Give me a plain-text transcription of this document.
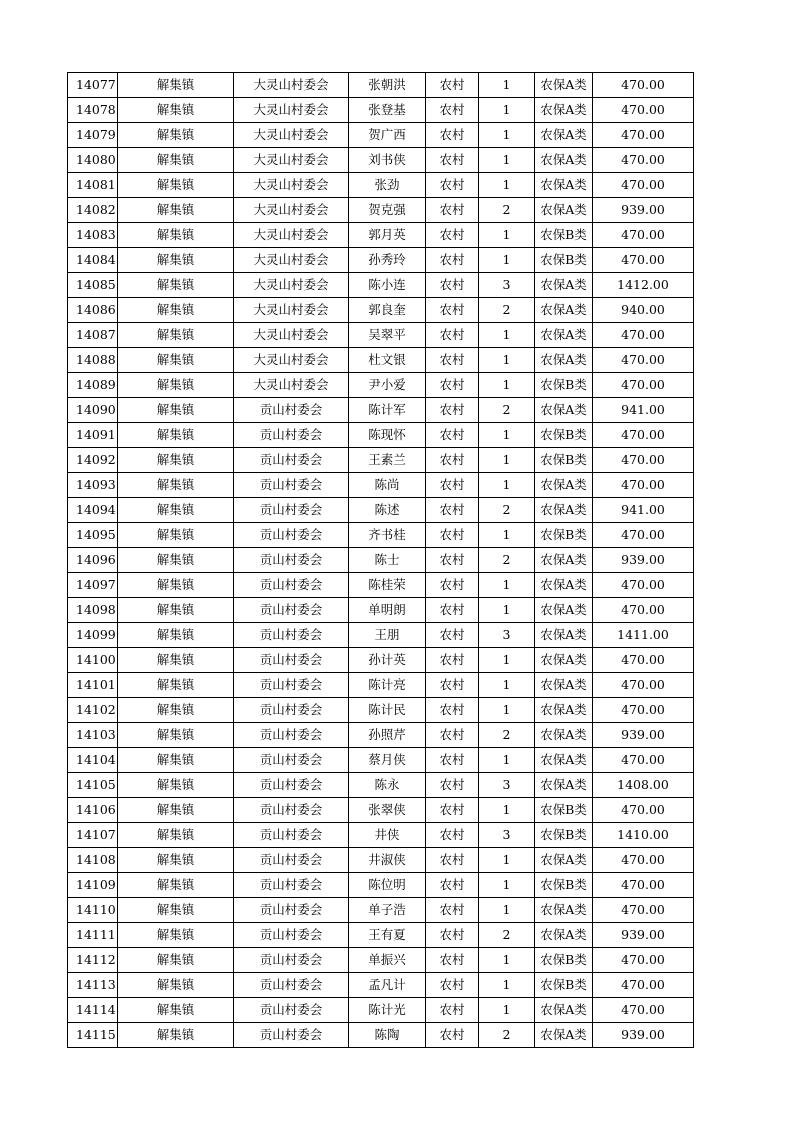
14077	解集镇	大灵山村委会	张朝洪	农村	1	农保A类	470.00
14078	解集镇	大灵山村委会	张登基	农村	1	农保A类	470.00
14079	解集镇	大灵山村委会	贺广西	农村	1	农保A类	470.00
14080	解集镇	大灵山村委会	刘书侠	农村	1	农保A类	470.00
14081	解集镇	大灵山村委会	张劲	农村	1	农保A类	470.00
14082	解集镇	大灵山村委会	贺克强	农村	2	农保A类	939.00
14083	解集镇	大灵山村委会	郭月英	农村	1	农保B类	470.00
14084	解集镇	大灵山村委会	孙秀玲	农村	1	农保B类	470.00
14085	解集镇	大灵山村委会	陈小连	农村	3	农保A类	1412.00
14086	解集镇	大灵山村委会	郭良奎	农村	2	农保A类	940.00
14087	解集镇	大灵山村委会	吴翠平	农村	1	农保A类	470.00
14088	解集镇	大灵山村委会	杜文银	农村	1	农保A类	470.00
14089	解集镇	大灵山村委会	尹小爱	农村	1	农保B类	470.00
14090	解集镇	贡山村委会	陈计军	农村	2	农保A类	941.00
14091	解集镇	贡山村委会	陈现怀	农村	1	农保B类	470.00
14092	解集镇	贡山村委会	王素兰	农村	1	农保B类	470.00
14093	解集镇	贡山村委会	陈尚	农村	1	农保A类	470.00
14094	解集镇	贡山村委会	陈述	农村	2	农保A类	941.00
14095	解集镇	贡山村委会	齐书桂	农村	1	农保B类	470.00
14096	解集镇	贡山村委会	陈士	农村	2	农保A类	939.00
14097	解集镇	贡山村委会	陈桂荣	农村	1	农保A类	470.00
14098	解集镇	贡山村委会	单明朗	农村	1	农保A类	470.00
14099	解集镇	贡山村委会	王朋	农村	3	农保A类	1411.00
14100	解集镇	贡山村委会	孙计英	农村	1	农保A类	470.00
14101	解集镇	贡山村委会	陈计亮	农村	1	农保A类	470.00
14102	解集镇	贡山村委会	陈计民	农村	1	农保A类	470.00
14103	解集镇	贡山村委会	孙照芹	农村	2	农保A类	939.00
14104	解集镇	贡山村委会	蔡月侠	农村	1	农保A类	470.00
14105	解集镇	贡山村委会	陈永	农村	3	农保A类	1408.00
14106	解集镇	贡山村委会	张翠侠	农村	1	农保B类	470.00
14107	解集镇	贡山村委会	井侠	农村	3	农保B类	1410.00
14108	解集镇	贡山村委会	井淑侠	农村	1	农保A类	470.00
14109	解集镇	贡山村委会	陈位明	农村	1	农保B类	470.00
14110	解集镇	贡山村委会	单子浩	农村	1	农保A类	470.00
14111	解集镇	贡山村委会	王有夏	农村	2	农保A类	939.00
14112	解集镇	贡山村委会	单振兴	农村	1	农保B类	470.00
14113	解集镇	贡山村委会	孟凡计	农村	1	农保B类	470.00
14114	解集镇	贡山村委会	陈计光	农村	1	农保A类	470.00
14115	解集镇	贡山村委会	陈陶	农村	2	农保A类	939.00
